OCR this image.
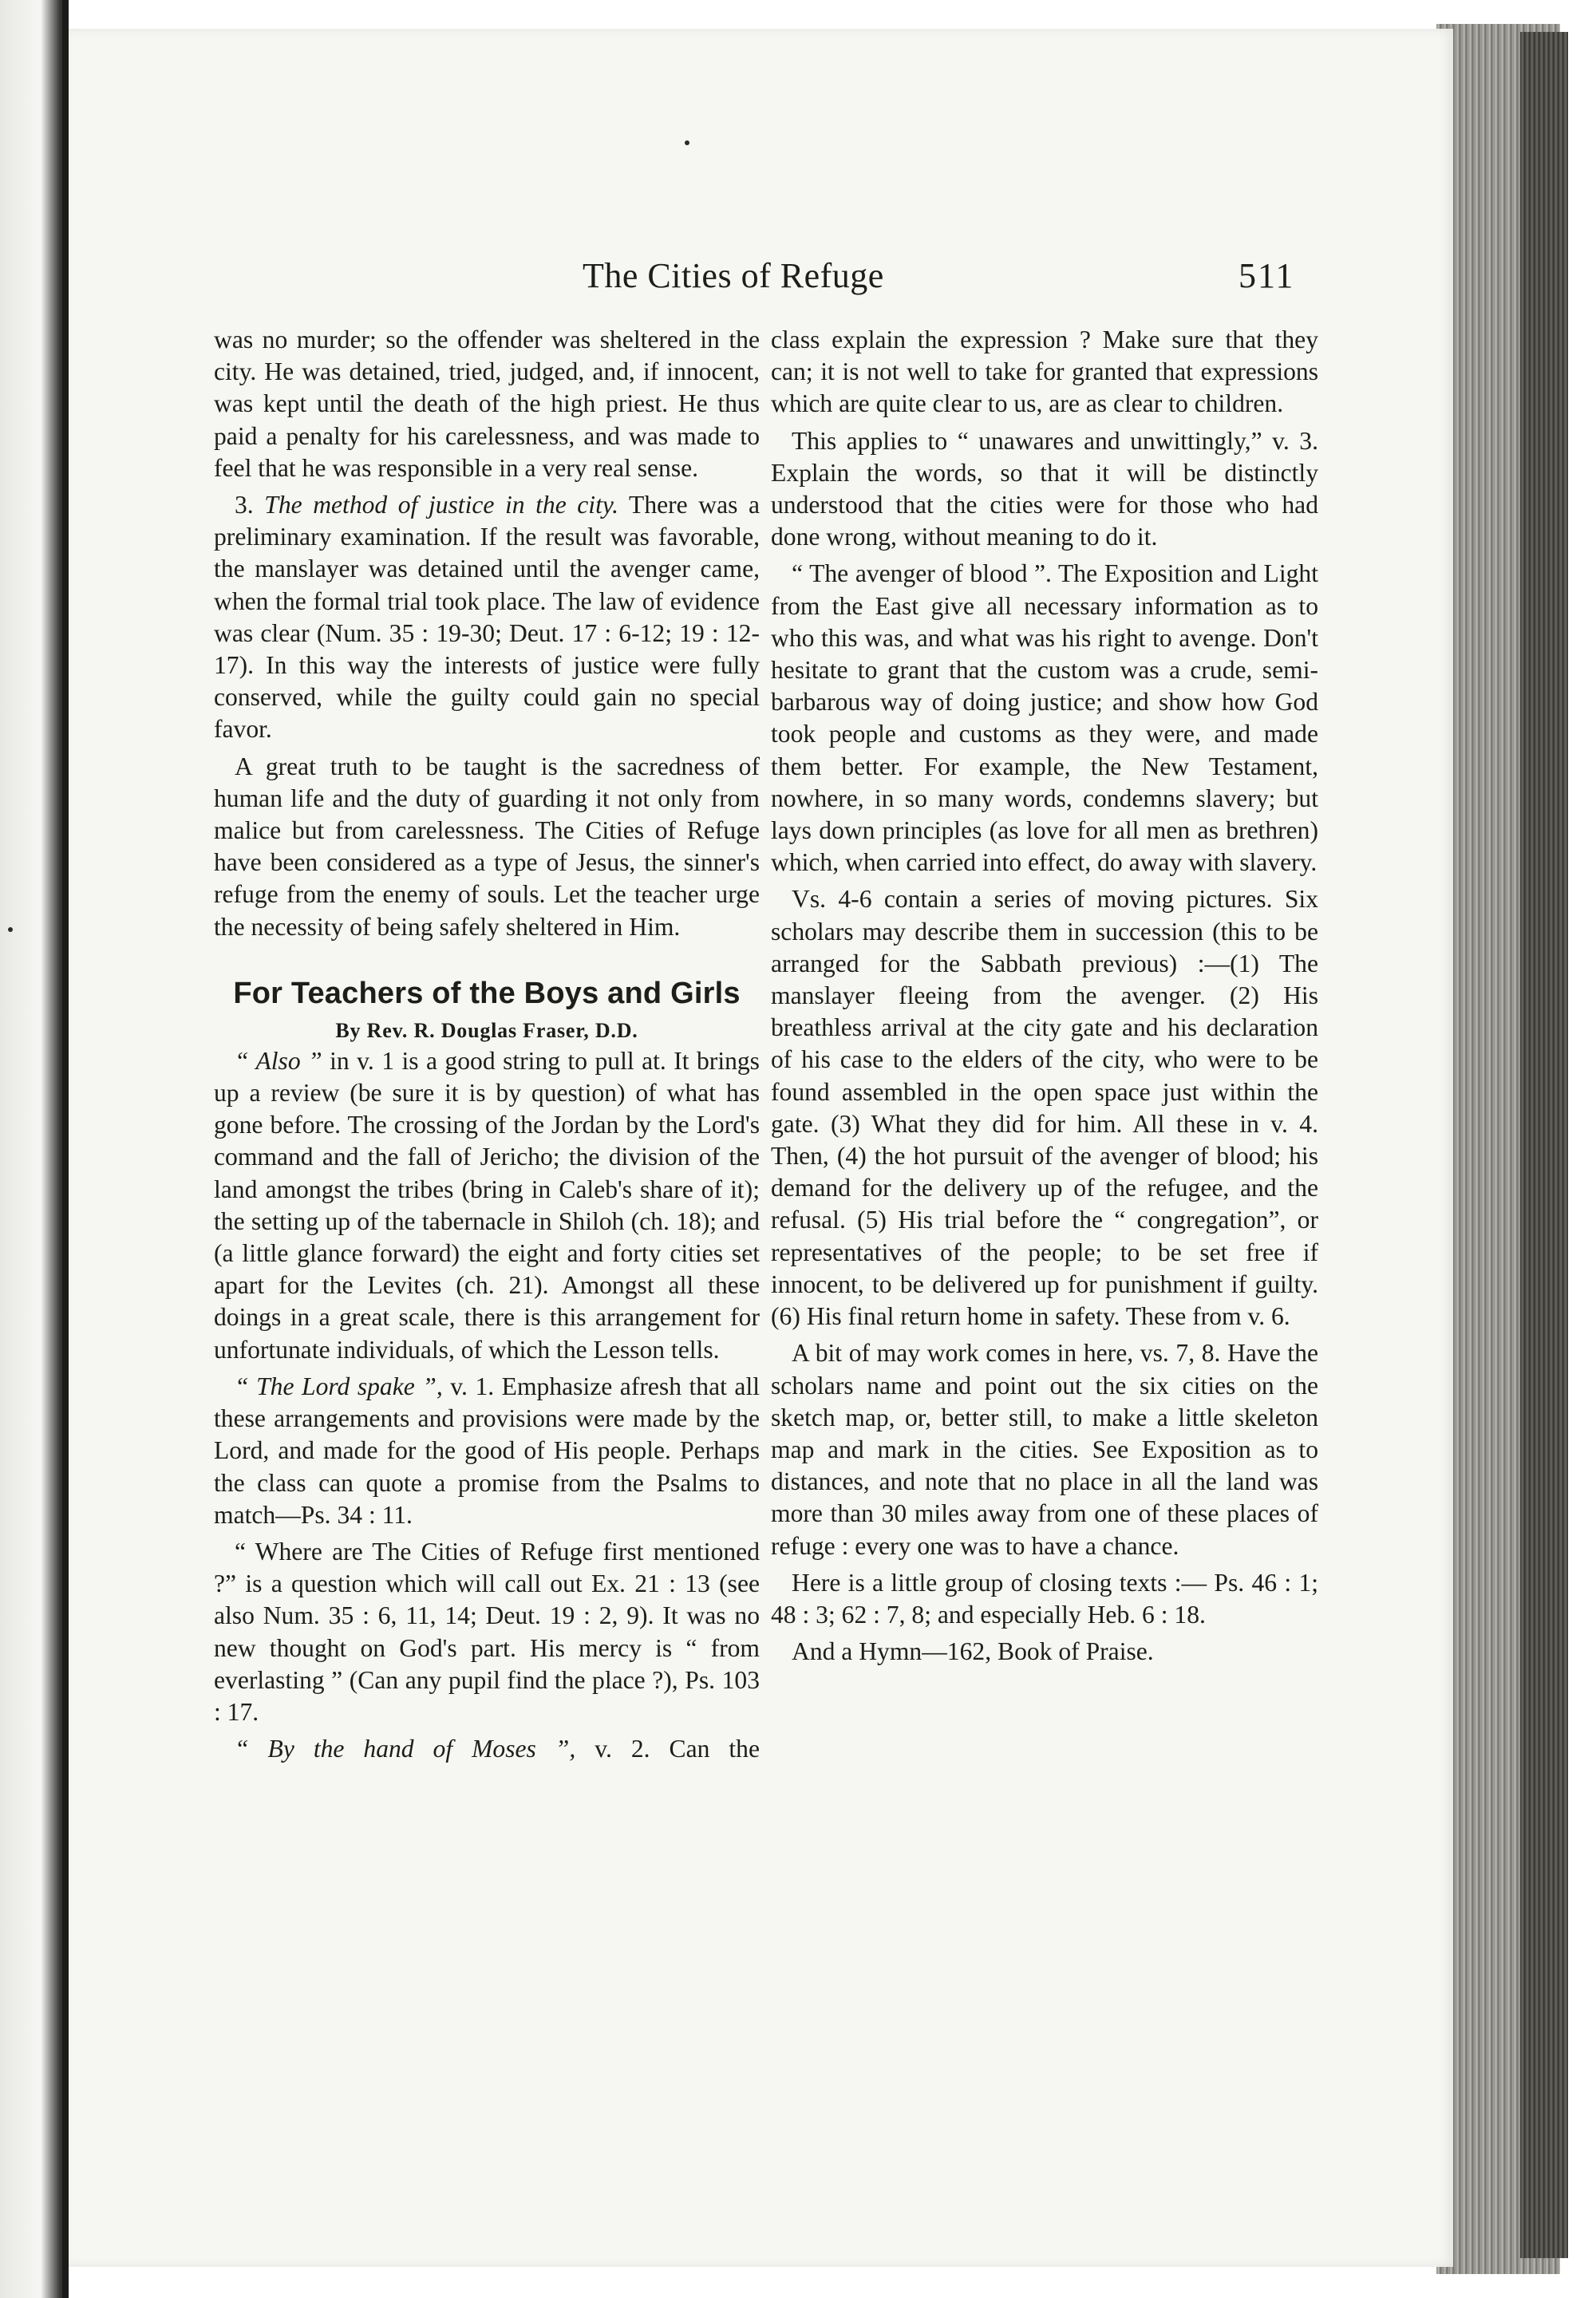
The Cities of Refuge	511

was no murder; so the offender was sheltered in the city. He was detained, tried, judged, and, if innocent, was kept until the death of the high priest. He thus paid a penalty for his carelessness, and was made to feel that he was responsible in a very real sense.

3. The method of justice in the city. There was a preliminary examination. If the result was favorable, the manslayer was detained until the avenger came, when the formal trial took place. The law of evidence was clear (Num. 35 : 19-30; Deut. 17 : 6-12; 19 : 12-17). In this way the interests of justice were fully conserved, while the guilty could gain no special favor.

A great truth to be taught is the sacredness of human life and the duty of guarding it not only from malice but from carelessness. The Cities of Refuge have been considered as a type of Jesus, the sinner's refuge from the enemy of souls. Let the teacher urge the necessity of being safely sheltered in Him.

For Teachers of the Boys and Girls

By Rev. R. Douglas Fraser, D.D.

“ Also ” in v. 1 is a good string to pull at. It brings up a review (be sure it is by question) of what has gone before. The crossing of the Jordan by the Lord's command and the fall of Jericho; the division of the land amongst the tribes (bring in Caleb's share of it); the setting up of the tabernacle in Shiloh (ch. 18); and (a little glance forward) the eight and forty cities set apart for the Levites (ch. 21). Amongst all these doings in a great scale, there is this arrangement for unfortunate individuals, of which the Lesson tells.

“ The Lord spake ”, v. 1. Emphasize afresh that all these arrangements and provisions were made by the Lord, and made for the good of His people. Perhaps the class can quote a promise from the Psalms to match—Ps. 34 : 11.

“ Where are The Cities of Refuge first mentioned ?” is a question which will call out Ex. 21 : 13 (see also Num. 35 : 6, 11, 14; Deut. 19 : 2, 9). It was no new thought on God's part. His mercy is “ from everlasting ” (Can any pupil find the place ?), Ps. 103 : 17.

“ By the hand of Moses ”, v. 2. Can the

class explain the expression ? Make sure that they can; it is not well to take for granted that expressions which are quite clear to us, are as clear to children.

This applies to “ unawares and unwittingly,” v. 3. Explain the words, so that it will be distinctly understood that the cities were for those who had done wrong, without meaning to do it.

“ The avenger of blood ”. The Exposition and Light from the East give all necessary information as to who this was, and what was his right to avenge. Don't hesitate to grant that the custom was a crude, semi-barbarous way of doing justice; and show how God took people and customs as they were, and made them better. For example, the New Testament, nowhere, in so many words, condemns slavery; but lays down principles (as love for all men as brethren) which, when carried into effect, do away with slavery.

Vs. 4-6 contain a series of moving pictures. Six scholars may describe them in succession (this to be arranged for the Sabbath previous) :—(1) The manslayer fleeing from the avenger. (2) His breathless arrival at the city gate and his declaration of his case to the elders of the city, who were to be found assembled in the open space just within the gate. (3) What they did for him. All these in v. 4. Then, (4) the hot pursuit of the avenger of blood; his demand for the delivery up of the refugee, and the refusal. (5) His trial before the “ congregation”, or representatives of the people; to be set free if innocent, to be delivered up for punishment if guilty. (6) His final return home in safety. These from v. 6.

A bit of may work comes in here, vs. 7, 8. Have the scholars name and point out the six cities on the sketch map, or, better still, to make a little skeleton map and mark in the cities. See Exposition as to distances, and note that no place in all the land was more than 30 miles away from one of these places of refuge : every one was to have a chance.

Here is a little group of closing texts :— Ps. 46 : 1; 48 : 3; 62 : 7, 8; and especially Heb. 6 : 18.

And a Hymn—162, Book of Praise.
